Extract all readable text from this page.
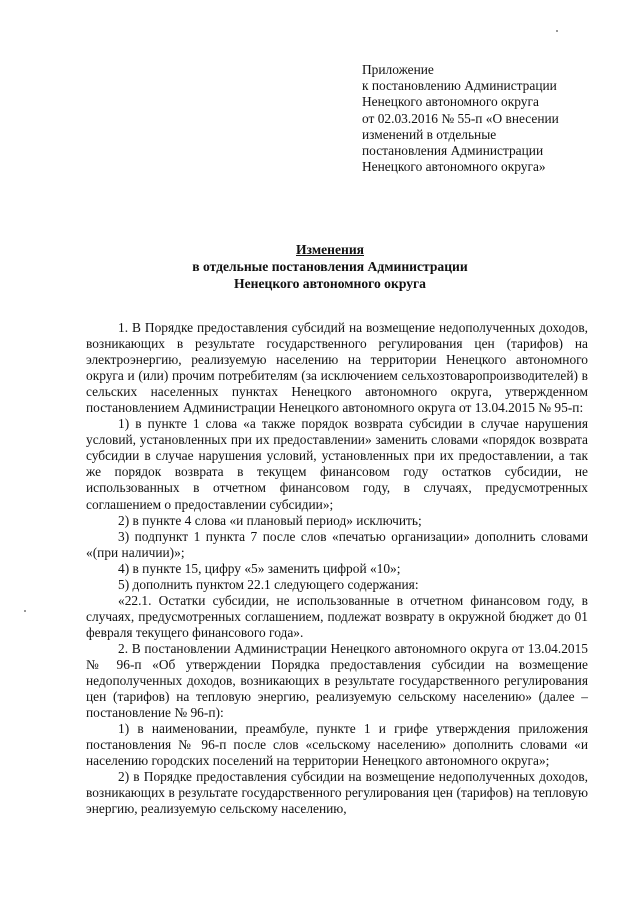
Приложение
к постановлению Администрации
Ненецкого автономного округа
от 02.03.2016 № 55-п «О внесении
изменений в отдельные
постановления Администрации
Ненецкого автономного округа»
Изменения
в отдельные постановления Администрации
Ненецкого автономного округа

1. В Порядке предоставления субсидий на возмещение недополученных доходов, возникающих в результате государственного регулирования цен (тарифов) на электроэнергию, реализуемую населению на территории Ненецкого автономного округа и (или) прочим потребителям (за исключением сельхозтоваропроизводителей) в сельских населенных пунктах Ненецкого автономного округа, утвержденном постановлением Администрации Ненецкого автономного округа от 13.04.2015 № 95-п:

1) в пункте 1 слова «а также порядок возврата субсидии в случае нарушения условий, установленных при их предоставлении» заменить словами «порядок возврата субсидии в случае нарушения условий, установленных при их предоставлении, а так же порядок возврата в текущем финансовом году остатков субсидии, не использованных в отчетном финансовом году, в случаях, предусмотренных соглашением о предоставлении субсидии»;

2) в пункте 4 слова «и плановый период» исключить;

3) подпункт 1 пункта 7 после слов «печатью организации» дополнить словами «(при наличии)»;

4) в пункте 15, цифру «5» заменить цифрой «10»;

5) дополнить пунктом 22.1 следующего содержания:

«22.1. Остатки субсидии, не использованные в отчетном финансовом году, в случаях, предусмотренных соглашением, подлежат возврату в окружной бюджет до 01 февраля текущего финансового года».

2. В постановлении Администрации Ненецкого автономного округа от 13.04.2015 № 96-п «Об утверждении Порядка предоставления субсидии на возмещение недополученных доходов, возникающих в результате государственного регулирования цен (тарифов) на тепловую энергию, реализуемую сельскому населению» (далее – постановление № 96-п):

1) в наименовании, преамбуле, пункте 1 и грифе утверждения приложения постановления № 96-п после слов «сельскому населению» дополнить словами «и населению городских поселений на территории Ненецкого автономного округа»;

2) в Порядке предоставления субсидии на возмещение недополученных доходов, возникающих в результате государственного регулирования цен (тарифов) на тепловую энергию, реализуемую сельскому населению,
